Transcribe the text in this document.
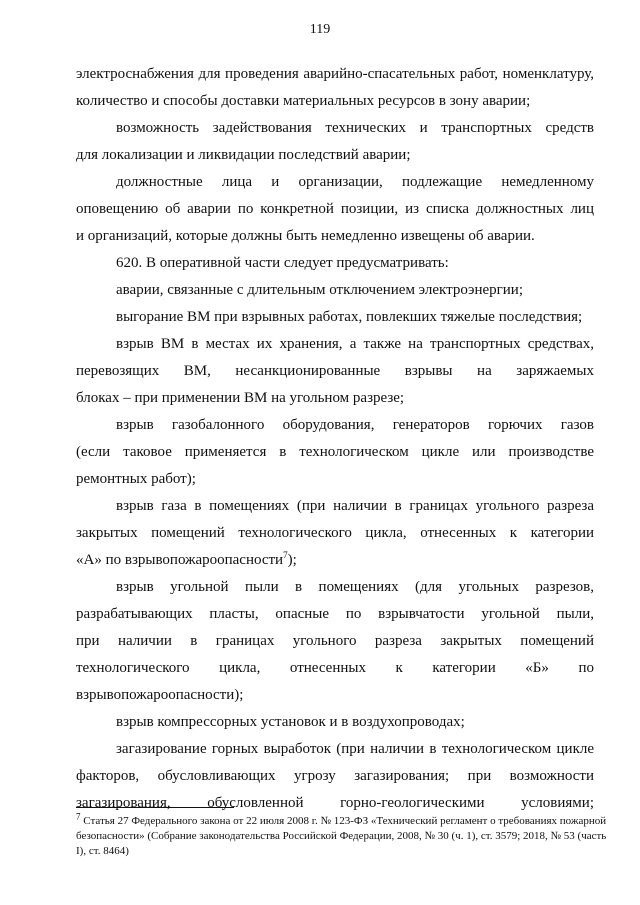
119
электроснабжения для проведения аварийно-спасательных работ, номенклатуру,
количество и способы доставки материальных ресурсов в зону аварии;
возможность задействования технических и транспортных средств
для локализации и ликвидации последствий аварии;
должностные лица и организации, подлежащие немедленному
оповещению об аварии по конкретной позиции, из списка должностных лиц
и организаций, которые должны быть немедленно извещены об аварии.
620. В оперативной части следует предусматривать:
аварии, связанные с длительным отключением электроэнергии;
выгорание ВМ при взрывных работах, повлекших тяжелые последствия;
взрыв ВМ в местах их хранения, а также на транспортных средствах,
перевозящих ВМ, несанкционированные взрывы на заряжаемых
блоках – при применении ВМ на угольном разрезе;
взрыв газобалонного оборудования, генераторов горючих газов
(если таковое применяется в технологическом цикле или производстве
ремонтных работ);
взрыв газа в помещениях (при наличии в границах угольного разреза
закрытых помещений технологического цикла, отнесенных к категории
«А» по взрывопожароопасности$^7$);
взрыв угольной пыли в помещениях (для угольных разрезов,
разрабатывающих пласты, опасные по взрывчатости угольной пыли,
при наличии в границах угольного разреза закрытых помещений
технологического цикла, отнесенных к категории «Б» по
взрывопожароопасности);
взрыв компрессорных установок и в воздухопроводах;
загазирование горных выработок (при наличии в технологическом цикле
факторов, обусловливающих угрозу загазирования; при возможности
загазирования, обусловленной горно-геологическими условиями;
$^7$ Статья 27 Федерального закона от 22 июля 2008 г. № 123-ФЗ «Технический регламент о требованиях пожарной
безопасности» (Собрание законодательства Российской Федерации, 2008, № 30 (ч. 1), ст. 3579; 2018, № 53 (часть
I), ст. 8464)
